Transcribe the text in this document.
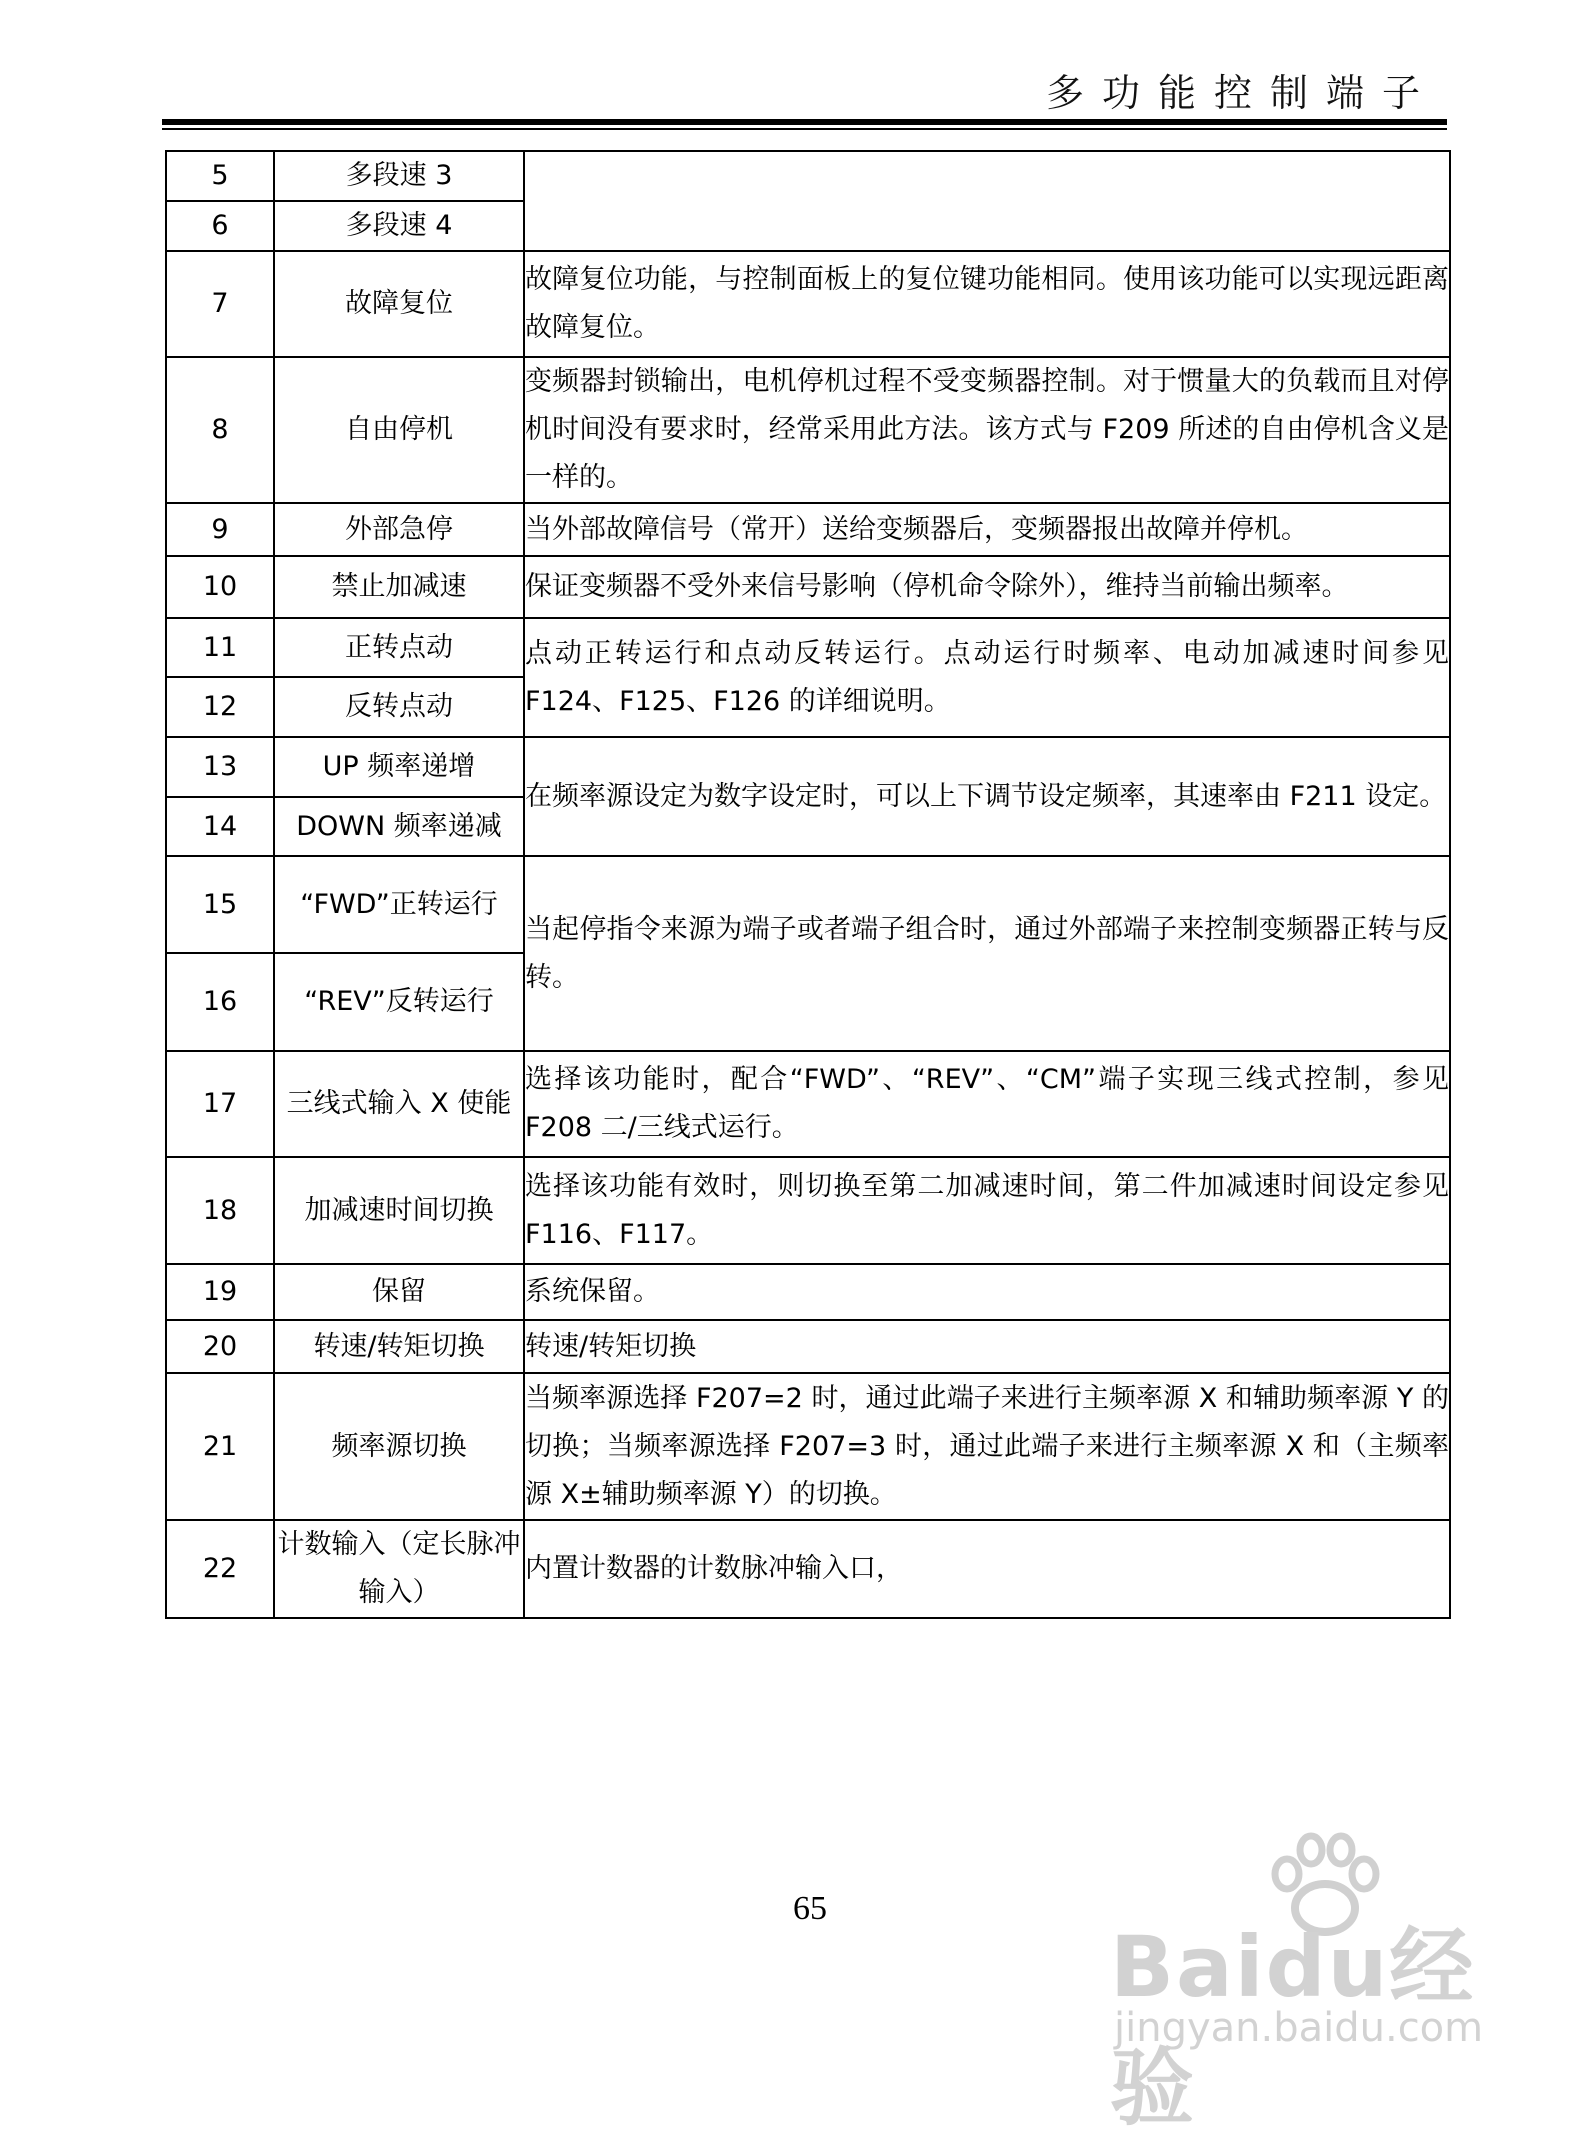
多功能控制端子
5	多段速 3	
6	多段速 4	
7	故障复位	故障复位功能，与控制面板上的复位键功能相同。使用该功能可以实现远距离故障复位。
8	自由停机	变频器封锁输出，电机停机过程不受变频器控制。对于惯量大的负载而且对停机时间没有要求时，经常采用此方法。该方式与 F209 所述的自由停机含义是一样的。
9	外部急停	当外部故障信号（常开）送给变频器后，变频器报出故障并停机。
10	禁止加减速	保证变频器不受外来信号影响（停机命令除外），维持当前输出频率。
11	正转点动	点动正转运行和点动反转运行。点动运行时频率、电动加减速时间参见 F124、F125、F126 的详细说明。
12	反转点动	
13	UP 频率递增	在频率源设定为数字设定时，可以上下调节设定频率，其速率由 F211 设定。
14	DOWN 频率递减	
15	“FWD”正转运行	当起停指令来源为端子或者端子组合时，通过外部端子来控制变频器正转与反转。
16	“REV”反转运行	
17	三线式输入 X 使能	选择该功能时，配合“FWD”、“REV”、“CM”端子实现三线式控制，参见 F208 二/三线式运行。
18	加减速时间切换	选择该功能有效时，则切换至第二加减速时间，第二件加减速时间设定参见 F116、F117。
19	保留	系统保留。
20	转速/转矩切换	转速/转矩切换
21	频率源切换	当频率源选择 F207=2 时，通过此端子来进行主频率源 X 和辅助频率源 Y 的切换；当频率源选择 F207=3 时，通过此端子来进行主频率源 X 和（主频率源 X±辅助频率源 Y）的切换。
22	计数输入（定长脉冲输入）	内置计数器的计数脉冲输入口，
65
Baidu经验
jingyan.baidu.com
